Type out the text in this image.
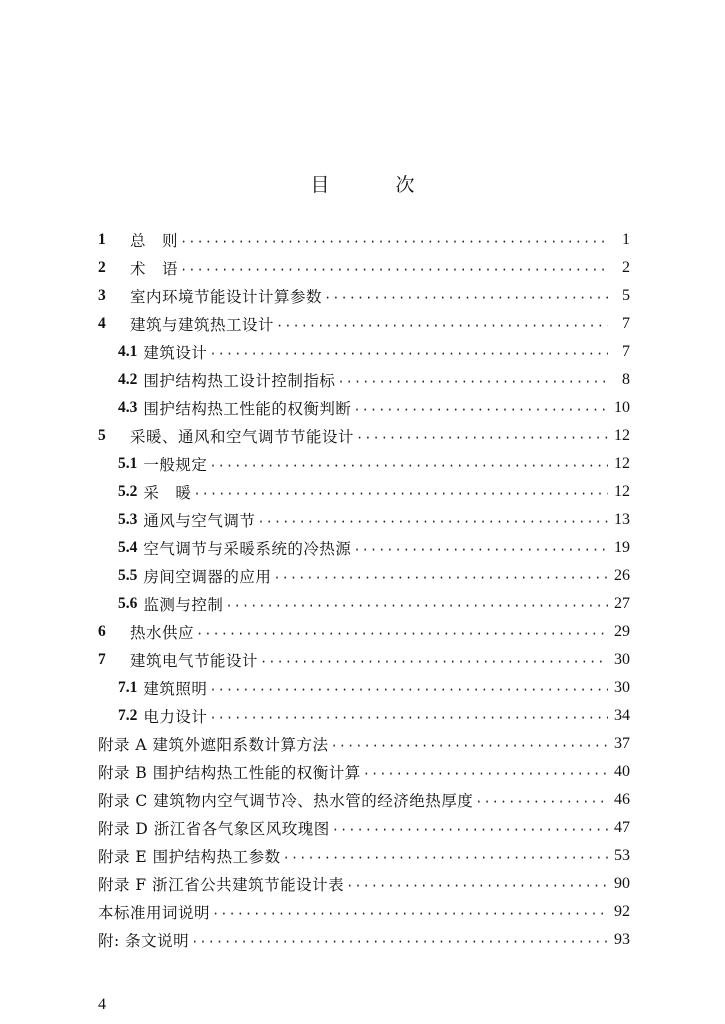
目 次
1	总　则 ·····	1
2	术　语 ·····	2
3	室内环境节能设计计算参数 ·····	5
4	建筑与建筑热工设计 ·····	7
4.1 建筑设计 ·····	7
4.2 围护结构热工设计控制指标 ·····	8
4.3 围护结构热工性能的权衡判断 ·····	10
5	采暖、通风和空气调节节能设计 ·····	12
5.1 一般规定 ·····	12
5.2 采　暖 ·····	12
5.3 通风与空气调节 ·····	13
5.4 空气调节与采暖系统的冷热源 ·····	19
5.5 房间空调器的应用 ·····	26
5.6 监测与控制 ·····	27
6	热水供应 ·····	29
7	建筑电气节能设计 ·····	30
7.1 建筑照明 ·····	30
7.2 电力设计 ·····	34
附录 A 建筑外遮阳系数计算方法 ·····	37
附录 B 围护结构热工性能的权衡计算 ·····	40
附录 C 建筑物内空气调节冷、热水管的经济绝热厚度 ·····	46
附录 D 浙江省各气象区风玫瑰图 ·····	47
附录 E 围护结构热工参数 ·····	53
附录 F 浙江省公共建筑节能设计表 ·····	90
本标准用词说明 ·····	92
附: 条文说明 ·····	93
4
